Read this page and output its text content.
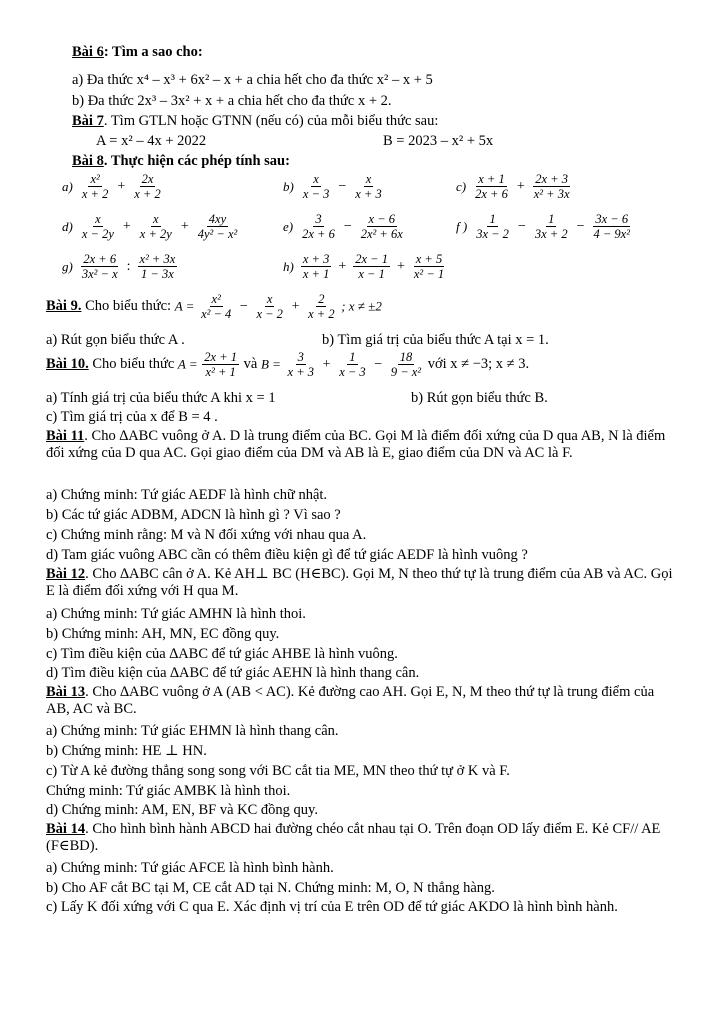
Bài 6: Tìm a sao cho:
a) Đa thức x⁴ – x³ + 6x² – x + a chia hết cho đa thức x² – x + 5
b) Đa thức 2x³ – 3x² + x + a chia hết cho đa thức x + 2.
Bài 7. Tìm GTLN hoặc GTNN (nếu có) của mỗi biểu thức sau:
A = x² – 4x + 2022	B = 2023 – x² + 5x
Bài 8. Thực hiện các phép tính sau:
$a) \frac{\text{x²}}{x + 2} + \frac{2x}{x + 2}$	$b) \frac{x}{x - 3} - \frac{x}{x + 3}$	$c) \frac{x + 1}{2x + 6} + \frac{2x + 3}{\text{x² + 3x}}$
$d) \frac{x}{x - 2y} + \frac{x}{x + 2y} + \frac{4xy}{\text{4y² − x²}}$	$e) \frac{3}{2x + 6} - \frac{x - 6}{\text{2x² + 6x}}$	f ) $\frac{1}{3x - 2} - \frac{1}{3x + 2} - \frac{3x - 6}{\text{4 − 9x²}}$
$g) \frac{2x + 6}{\text{3x² − x}}$ : $\frac{\text{x² + 3x}}{1 - 3x}$	$h) \frac{x + 3}{x + 1} + \frac{2x - 1}{x - 1} + \frac{x + 5}{\text{x² − 1}}$
Bài 9. Cho biểu thức: $A = \frac{\text{x²}}{\text{x² − 4}} - \frac{x}{x - 2} + \frac{2}{x + 2}$ ; x ≠ ±2
a) Rút gọn biểu thức A .	b) Tìm giá trị của biểu thức A tại x = 1.
Bài 10. Cho biểu thức $A = \frac{2x + 1}{\text{x² + 1}}$ và $B = \frac{3}{x + 3} + \frac{1}{x - 3} - \frac{18}{\text{9 − x²}}$ với x ≠ −3; x ≠ 3.
a) Tính giá trị của biểu thức A khi x = 1	b) Rút gọn biểu thức B.
c) Tìm giá trị của x để B = 4 .
Bài 11. Cho ∆ABC vuông ở A. D là trung điểm của BC. Gọi M là điểm đối xứng của D qua AB, N là điểm đối xứng của D qua AC. Gọi giao điểm của DM và AB là E, giao điểm của DN và AC là F.
a) Chứng minh: Tứ giác AEDF là hình chữ nhật.
b) Các tứ giác ADBM, ADCN là hình gì ? Vì sao ?
c) Chứng minh rằng: M và N đối xứng với nhau qua A.
d) Tam giác vuông ABC cần có thêm điều kiện gì để tứ giác AEDF là hình vuông ?
Bài 12. Cho ∆ABC cân ở A. Kẻ AH⊥ BC (H∈BC). Gọi M, N theo thứ tự là trung điểm của AB và AC. Gọi E là điểm đối xứng với H qua M.
a) Chứng minh: Tứ giác AMHN là hình thoi.
b) Chứng minh: AH, MN, EC đồng quy.
c) Tìm điều kiện của ∆ABC để tứ giác AHBE là hình vuông.
d) Tìm điều kiện của ∆ABC để tứ giác AEHN là hình thang cân.
Bài 13. Cho ∆ABC vuông ở A (AB < AC). Kẻ đường cao AH. Gọi E, N, M theo thứ tự là trung điểm của AB, AC và BC.
a) Chứng minh: Tứ giác EHMN là hình thang cân.
b) Chứng minh: HE ⊥ HN.
c) Từ A kẻ đường thẳng song song với BC cắt tia ME, MN theo thứ tự ở K và F.
Chứng minh: Tứ giác AMBK là hình thoi.
d) Chứng minh: AM, EN, BF và KC đồng quy.
Bài 14. Cho hình bình hành ABCD hai đường chéo cắt nhau tại O. Trên đoạn OD lấy điểm E. Kẻ CF// AE (F∈BD).
a) Chứng minh: Tứ giác AFCE là hình bình hành.
b) Cho AF cắt BC tại M, CE cắt AD tại N. Chứng minh: M, O, N thẳng hàng.
c) Lấy K đối xứng với C qua E. Xác định vị trí của E trên OD để tứ giác AKDO là hình bình hành.
